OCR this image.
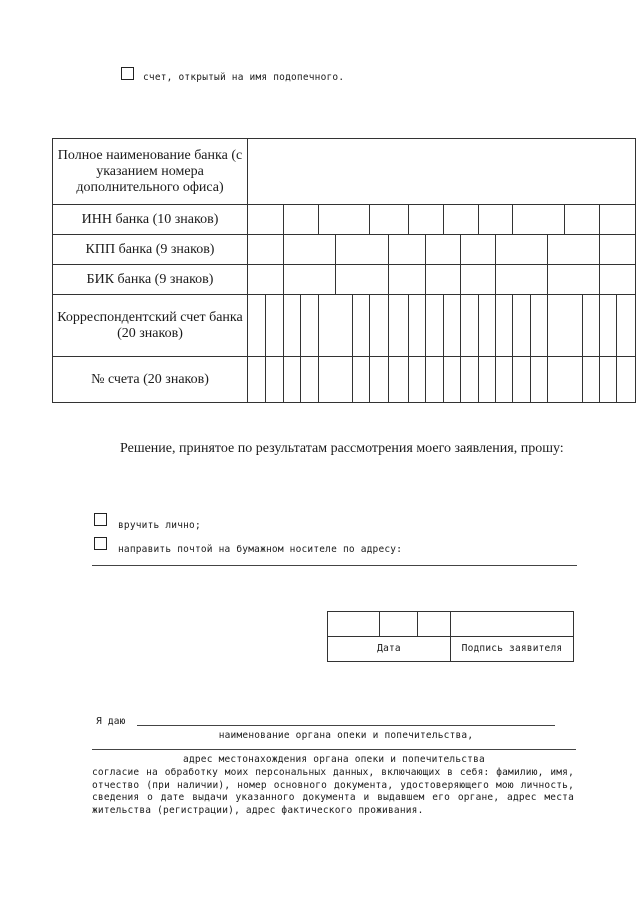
счет, открытый на имя подопечного.
Полное наименование банка (с указанием номера дополнительного офиса)	
ИНН банка (10 знаков)	

КПП банка (9 знаков)	

БИК банка (9 знаков)	

Корреспондентский счет банка (20 знаков)	

№ счета (20 знаков)	
Решение, принятое по результатам рассмотрения моего заявления, прошу:
вручить лично;
направить почтой на бумажном носителе по адресу:
Дата	Подпись заявителя
Я даю
наименование органа опеки и попечительства,
адрес местонахождения органа опеки и попечительства
согласие на обработку моих персональных данных, включающих в себя: фамилию, имя, отчество (при наличии), номер основного документа, удостоверяющего мою личность, сведения о дате выдачи указанного документа и выдавшем его органе, адрес места жительства (регистрации), адрес фактического проживания.
